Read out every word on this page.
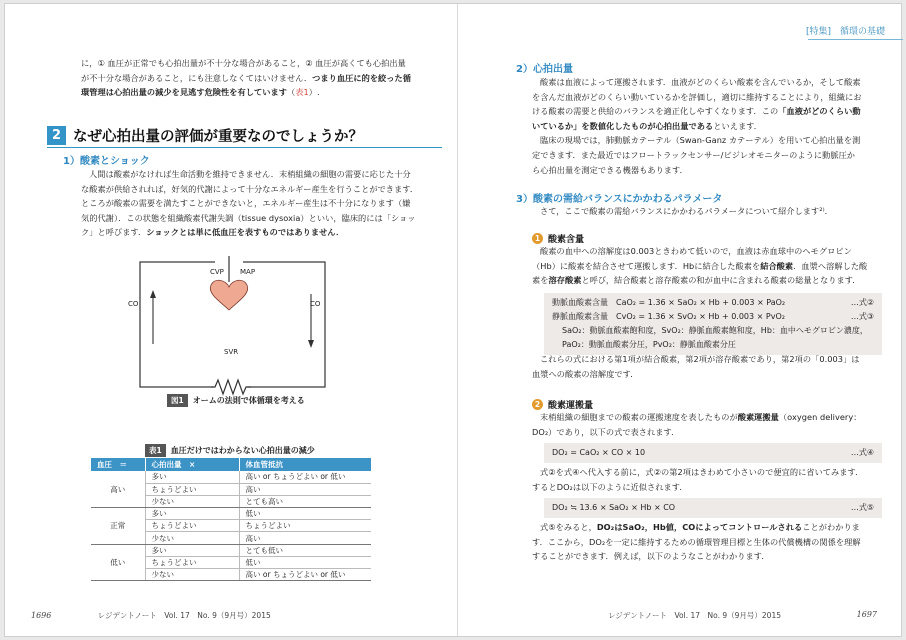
に，① 血圧が正常でも心拍出量が不十分な場合があること，② 血圧が高くても心拍出量
が不十分な場合があること，にも注意しなくてはいけません．つまり血圧に的を絞った循
環管理は心拍出量の減少を見逃す危険性を有しています（表1）.
2 なぜ心拍出量の評価が重要なのでしょうか？
1）酸素とショック
人間は酸素がなければ生命活動を維持できません．末梢組織の細胞の需要に応じた十分
な酸素が供給されれば，好気的代謝によって十分なエネルギー産生を行うことができます．
ところが酸素の需要を満たすことができないと，エネルギー産生は不十分になります（嫌
気的代謝）．この状態を組織酸素代謝失調（tissue dysoxia）といい，臨床的には「ショッ
ク」と呼びます．ショックとは単に低血圧を表すものではありません．
CVP MAP
CO	CO
SVR
図1	オームの法則で体循環を考える
表1	血圧だけではわからない心拍出量の減少
血圧　＝	心拍出量　×	体血管抵抗
高い	多い	高い or ちょうどよい or 低い
	ちょうどよい	高い
	少ない	とても高い
正常	多い	低い
	ちょうどよい	ちょうどよい
	少ない	高い
低い	多い	とても低い
	ちょうどよい	低い
	少ない	高い or ちょうどよい or 低い
1696	レジデントノート　Vol. 17　No. 9（9月号）2015
[特集]　循環の基礎
2）心拍出量
酸素は血液によって運搬されます．血液がどのくらい酸素を含んでいるか，そして酸素
を含んだ血液がどのくらい動いているかを評価し，適切に維持することにより，組織にお
ける酸素の需要と供給のバランスを適正化しやすくなります．この「血液がどのくらい動
いているか」を数値化したものが心拍出量であるといえます．
臨床の現場では，肺動脈カテーテル（Swan-Ganz カテーテル）を用いて心拍出量を測
定できます．また最近ではフロートラックセンサー/ビジレオモニターのように動脈圧か
ら心拍出量を測定できる機器もあります．
3）酸素の需給バランスにかかわるパラメータ
さて，ここで酸素の需給バランスにかかわるパラメータについて紹介します²⁾．
1 酸素含量
酸素の血中への溶解度は0.003ときわめて低いので，血液は赤血球中のヘモグロビン
（Hb）に酸素を結合させて運搬します．Hbに結合した酸素を結合酸素．血漿へ溶解した酸
素を溶存酸素と呼び，結合酸素と溶存酸素の和が血中に含まれる酸素の総量となります．
動脈血酸素含量　CaO₂ = 1.36 × SaO₂ × Hb + 0.003 × PaO₂	…式②
静脈血酸素含量　CvO₂ = 1.36 × SvO₂ × Hb + 0.003 × PvO₂	…式③
SaO₂：動脈血酸素飽和度，SvO₂：静脈血酸素飽和度，Hb：血中ヘモグロビン濃度，
PaO₂：動脈血酸素分圧，PvO₂：静脈血酸素分圧
これらの式における第1項が結合酸素，第2項が溶存酸素であり，第2項の「0.003」は
血漿への酸素の溶解度です．
2 酸素運搬量
末梢組織の細胞までの酸素の運搬速度を表したものが酸素運搬量（oxygen delivery：
DO₂）であり，以下の式で表されます．
DO₂ = CaO₂ × CO × 10	…式④
式②を式④へ代入する前に，式②の第2項はきわめて小さいので便宜的に省いてみます．
するとDO₂は以下のように近似されます．
DO₂ ≒ 13.6 × SaO₂ × Hb × CO	…式⑤
式⑤をみると，DO₂はSaO₂，Hb値，COによってコントロールされることがわかりま
す．ここから，DO₂を一定に維持するための循環管理目標と生体の代償機構の関係を理解
することができます．例えば，以下のようなことがわかります．
レジデントノート　Vol. 17　No. 9（9月号）2015	1697
